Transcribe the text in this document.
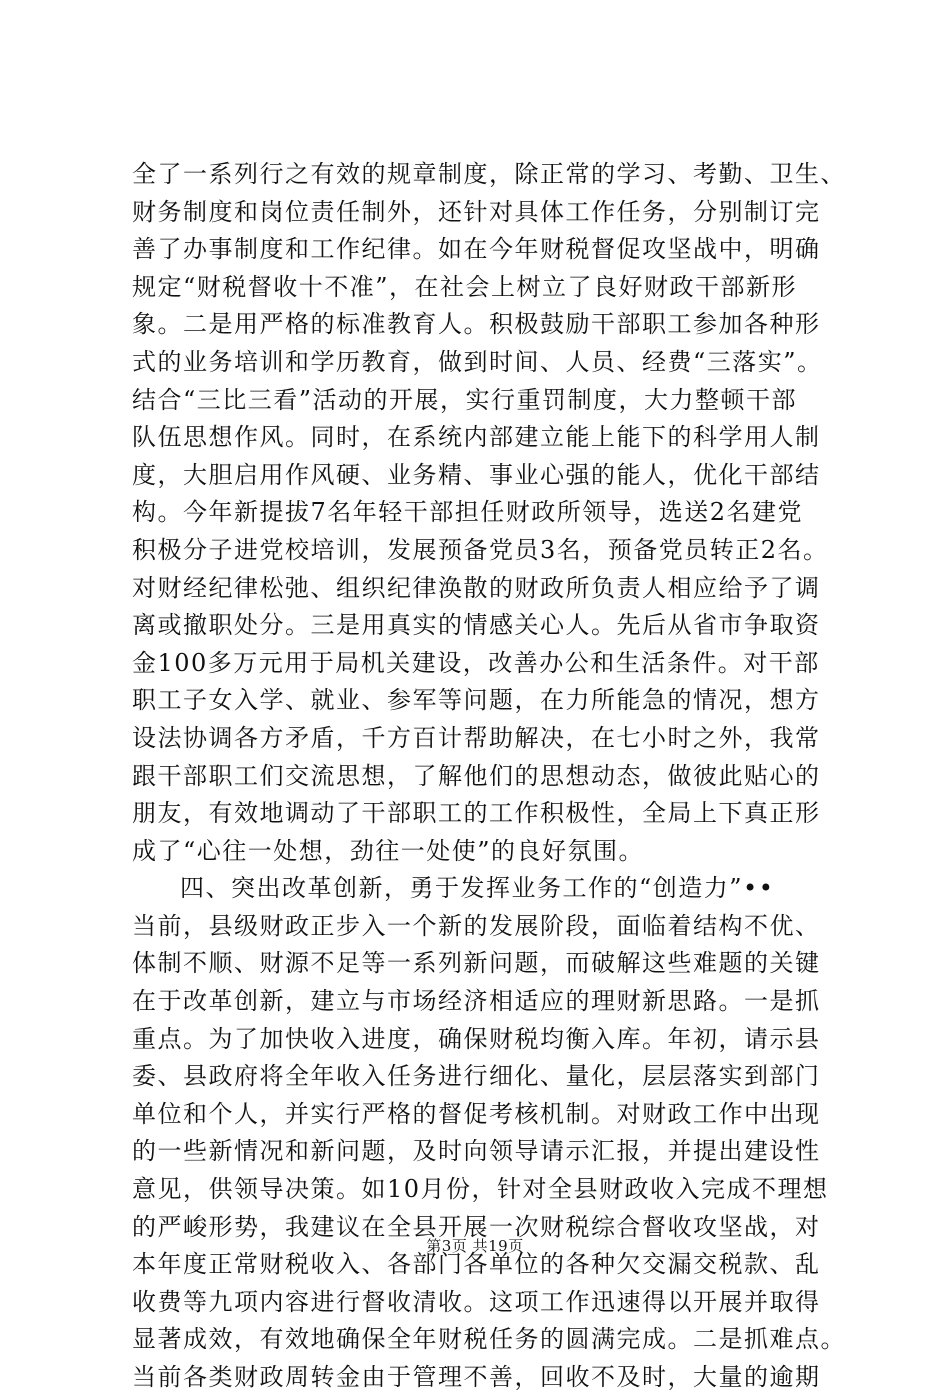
全了一系列行之有效的规章制度，除正常的学习、考勤、卫生、
财务制度和岗位责任制外，还针对具体工作任务，分别制订完
善了办事制度和工作纪律。如在今年财税督促攻坚战中，明确
规定“财税督收十不准”，在社会上树立了良好财政干部新形
象。二是用严格的标准教育人。积极鼓励干部职工参加各种形
式的业务培训和学历教育，做到时间、人员、经费“三落实”。
结合“三比三看”活动的开展，实行重罚制度，大力整顿干部
队伍思想作风。同时，在系统内部建立能上能下的科学用人制
度，大胆启用作风硬、业务精、事业心强的能人，优化干部结
构。今年新提拔7名年轻干部担任财政所领导，选送2名建党
积极分子进党校培训，发展预备党员3名，预备党员转正2名。
对财经纪律松弛、组织纪律涣散的财政所负责人相应给予了调
离或撤职处分。三是用真实的情感关心人。先后从省市争取资
金100多万元用于局机关建设，改善办公和生活条件。对干部
职工子女入学、就业、参军等问题，在力所能急的情况，想方
设法协调各方矛盾，千方百计帮助解决，在七小时之外，我常
跟干部职工们交流思想，了解他们的思想动态，做彼此贴心的
朋友，有效地调动了干部职工的工作积极性，全局上下真正形
成了“心往一处想，劲往一处使”的良好氛围。
四、突出改革创新，勇于发挥业务工作的“创造力”••
当前，县级财政正步入一个新的发展阶段，面临着结构不优、
体制不顺、财源不足等一系列新问题，而破解这些难题的关键
在于改革创新，建立与市场经济相适应的理财新思路。一是抓
重点。为了加快收入进度，确保财税均衡入库。年初，请示县
委、县政府将全年收入任务进行细化、量化，层层落实到部门
单位和个人，并实行严格的督促考核机制。对财政工作中出现
的一些新情况和新问题，及时向领导请示汇报，并提出建设性
意见，供领导决策。如10月份，针对全县财政收入完成不理想
的严峻形势，我建议在全县开展一次财税综合督收攻坚战，对
本年度正常财税收入、各部门各单位的各种欠交漏交税款、乱
收费等九项内容进行督收清收。这项工作迅速得以开展并取得
显著成效，有效地确保全年财税任务的圆满完成。二是抓难点。
当前各类财政周转金由于管理不善，回收不及时，大量的逾期
第3页 共19页
